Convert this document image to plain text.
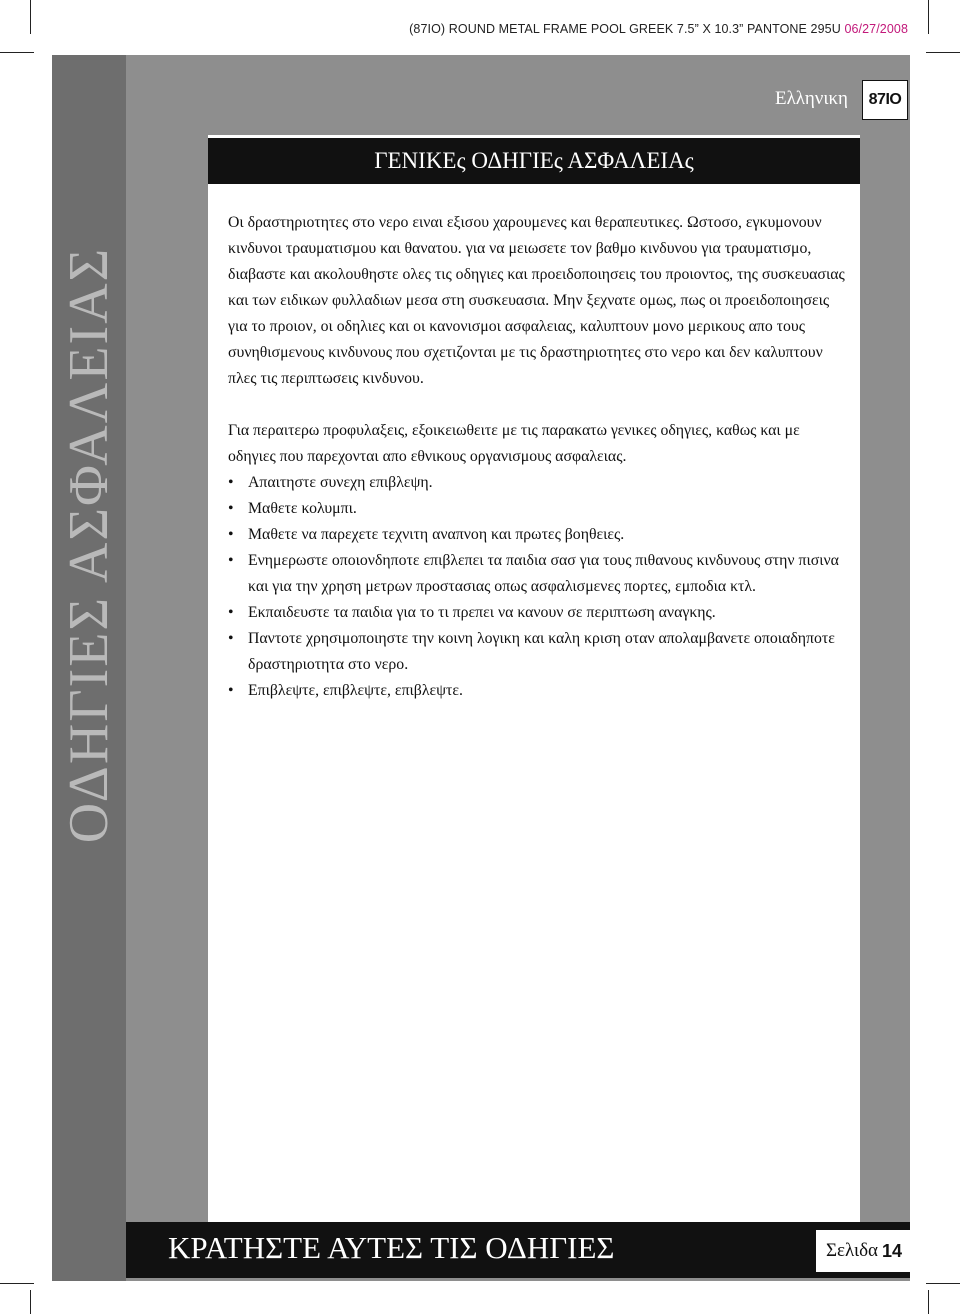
(87IO) ROUND METAL FRAME POOL GREEK 7.5” X 10.3” PANTONE 295U 06/27/2008
ΟΔΗΓΙΕΣ ΑΣΦΑΛΕΙΑΣ
Ελληνικη	87IO
ΓΕΝΙΚΕς ΟΔΗΓΙΕς ΑΣΦΑΛΕΙΑς

Οι δραστηριοτητες στο νερο ειναι εξισου χαρουμενες και θεραπευτικες. Ωστοσο, εγκυμονουν κινδυνοι τραυματισμου και θανατου. για να μειωσετε τον βαθμο κινδυνου για τραυματισμο, διαβαστε και ακολουθηστε ολες τις οδηγιες και προειδοποιησεις του προιοντος, της συσκευασιας και των ειδικων φυλλαδιων μεσα στη συσκευασια. Μην ξεχνατε ομως, πως οι προειδοποιησεις για το προιον, οι οδηλιες και οι κανονισμοι ασφαλειας, καλυπτουν μονο μερικους απο τους συνηθισμενους κινδυνους που σχετιζονται με τις δραστηριοτητες στο νερο και δεν καλυπτουν πλες τις περιπτωσεις κινδυνου.

Για περαιτερω προφυλαξεις, εξοικειωθειτε με τις παρακατω γενικες οδηγιες, καθως και με οδηγιες που παρεχονται απο εθνικους οργανισμους ασφαλειας.

• Απαιτηστε συνεχη επιβλεψη.
• Μαθετε κολυμπι.
• Μαθετε να παρεχετε τεχνιτη αναπνοη και πρωτες βοηθειες.
• Ενημερωστε οποιονδηποτε επιβλεπει τα παιδια σασ για τους πιθανους κινδυνους στην πισινα και για την χρηση μετρων προστασιας οπως ασφαλισμενες πορτες, εμποδια κτλ.
• Εκπαιδευστε τα παιδια για το τι πρεπει να κανουν σε περιπτωση αναγκης.
• Παντοτε χρησιμοποιηστε την κοινη λογικη και καλη κριση οταν απολαμβανετε οποιαδηποτε δραστηριοτητα στο νερο.
• Επιβλεψτε, επιβλεψτε, επιβλεψτε.
ΚΡΑΤΗΣΤΕ ΑΥΤΕΣ ΤΙΣ ΟΔΗΓΙΕΣ	Σελιδα 14
